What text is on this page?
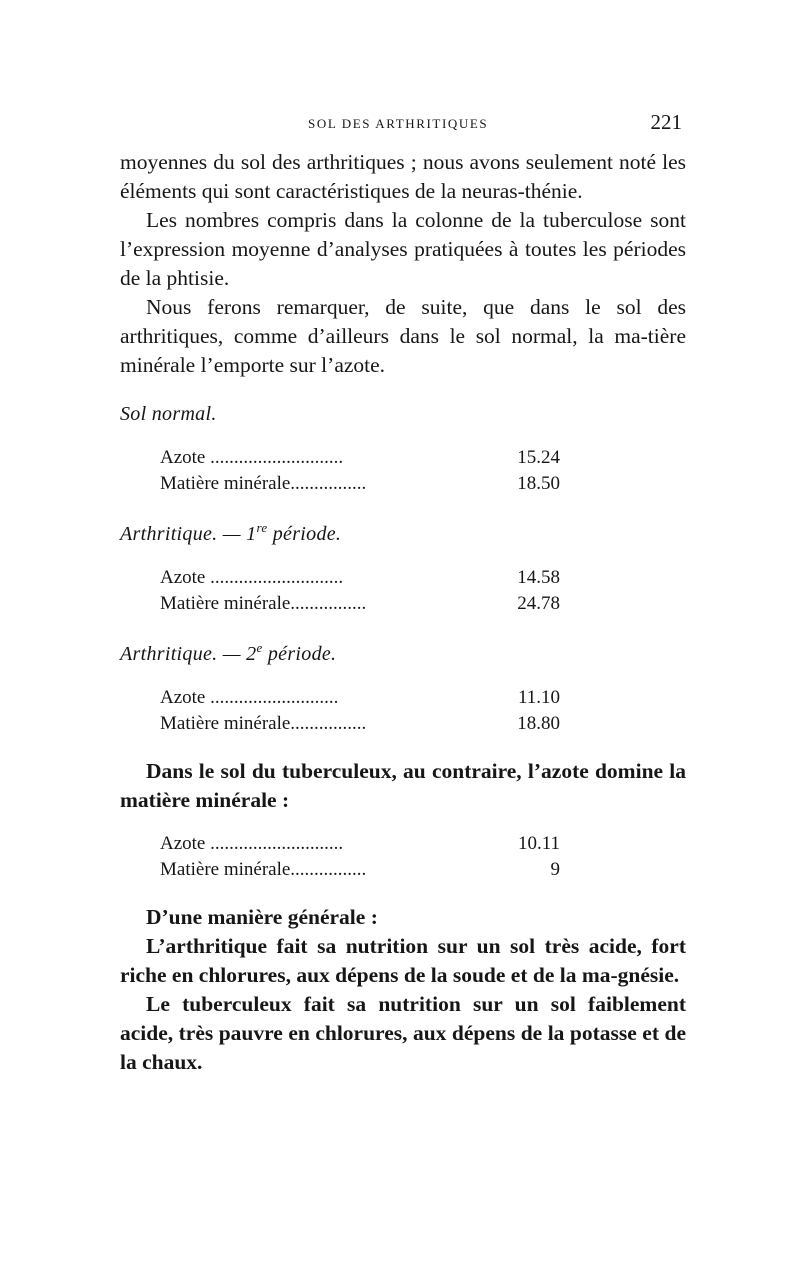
SOL DES ARTHRITIQUES	221

moyennes du sol des arthritiques ; nous avons seulement noté les éléments qui sont caractéristiques de la neuras-thénie.

Les nombres compris dans la colonne de la tuberculose sont l’expression moyenne d’analyses pratiquées à toutes les périodes de la phtisie.

Nous ferons remarquer, de suite, que dans le sol des arthritiques, comme d’ailleurs dans le sol normal, la ma-tière minérale l’emporte sur l’azote.

Sol normal.

Azote ............................	15.24
Matière minérale................	18.50

Arthritique. — 1re période.

Azote ............................	14.58
Matière minérale................	24.78

Arthritique. — 2e période.

Azote ...........................	11.10
Matière minérale................	18.80

Dans le sol du tuberculeux, au contraire, l’azote domine la matière minérale :

Azote ............................	10.11
Matière minérale................	9

D’une manière générale :

L’arthritique fait sa nutrition sur un sol très acide, fort riche en chlorures, aux dépens de la soude et de la ma-gnésie.

Le tuberculeux fait sa nutrition sur un sol faiblement acide, très pauvre en chlorures, aux dépens de la potasse et de la chaux.
